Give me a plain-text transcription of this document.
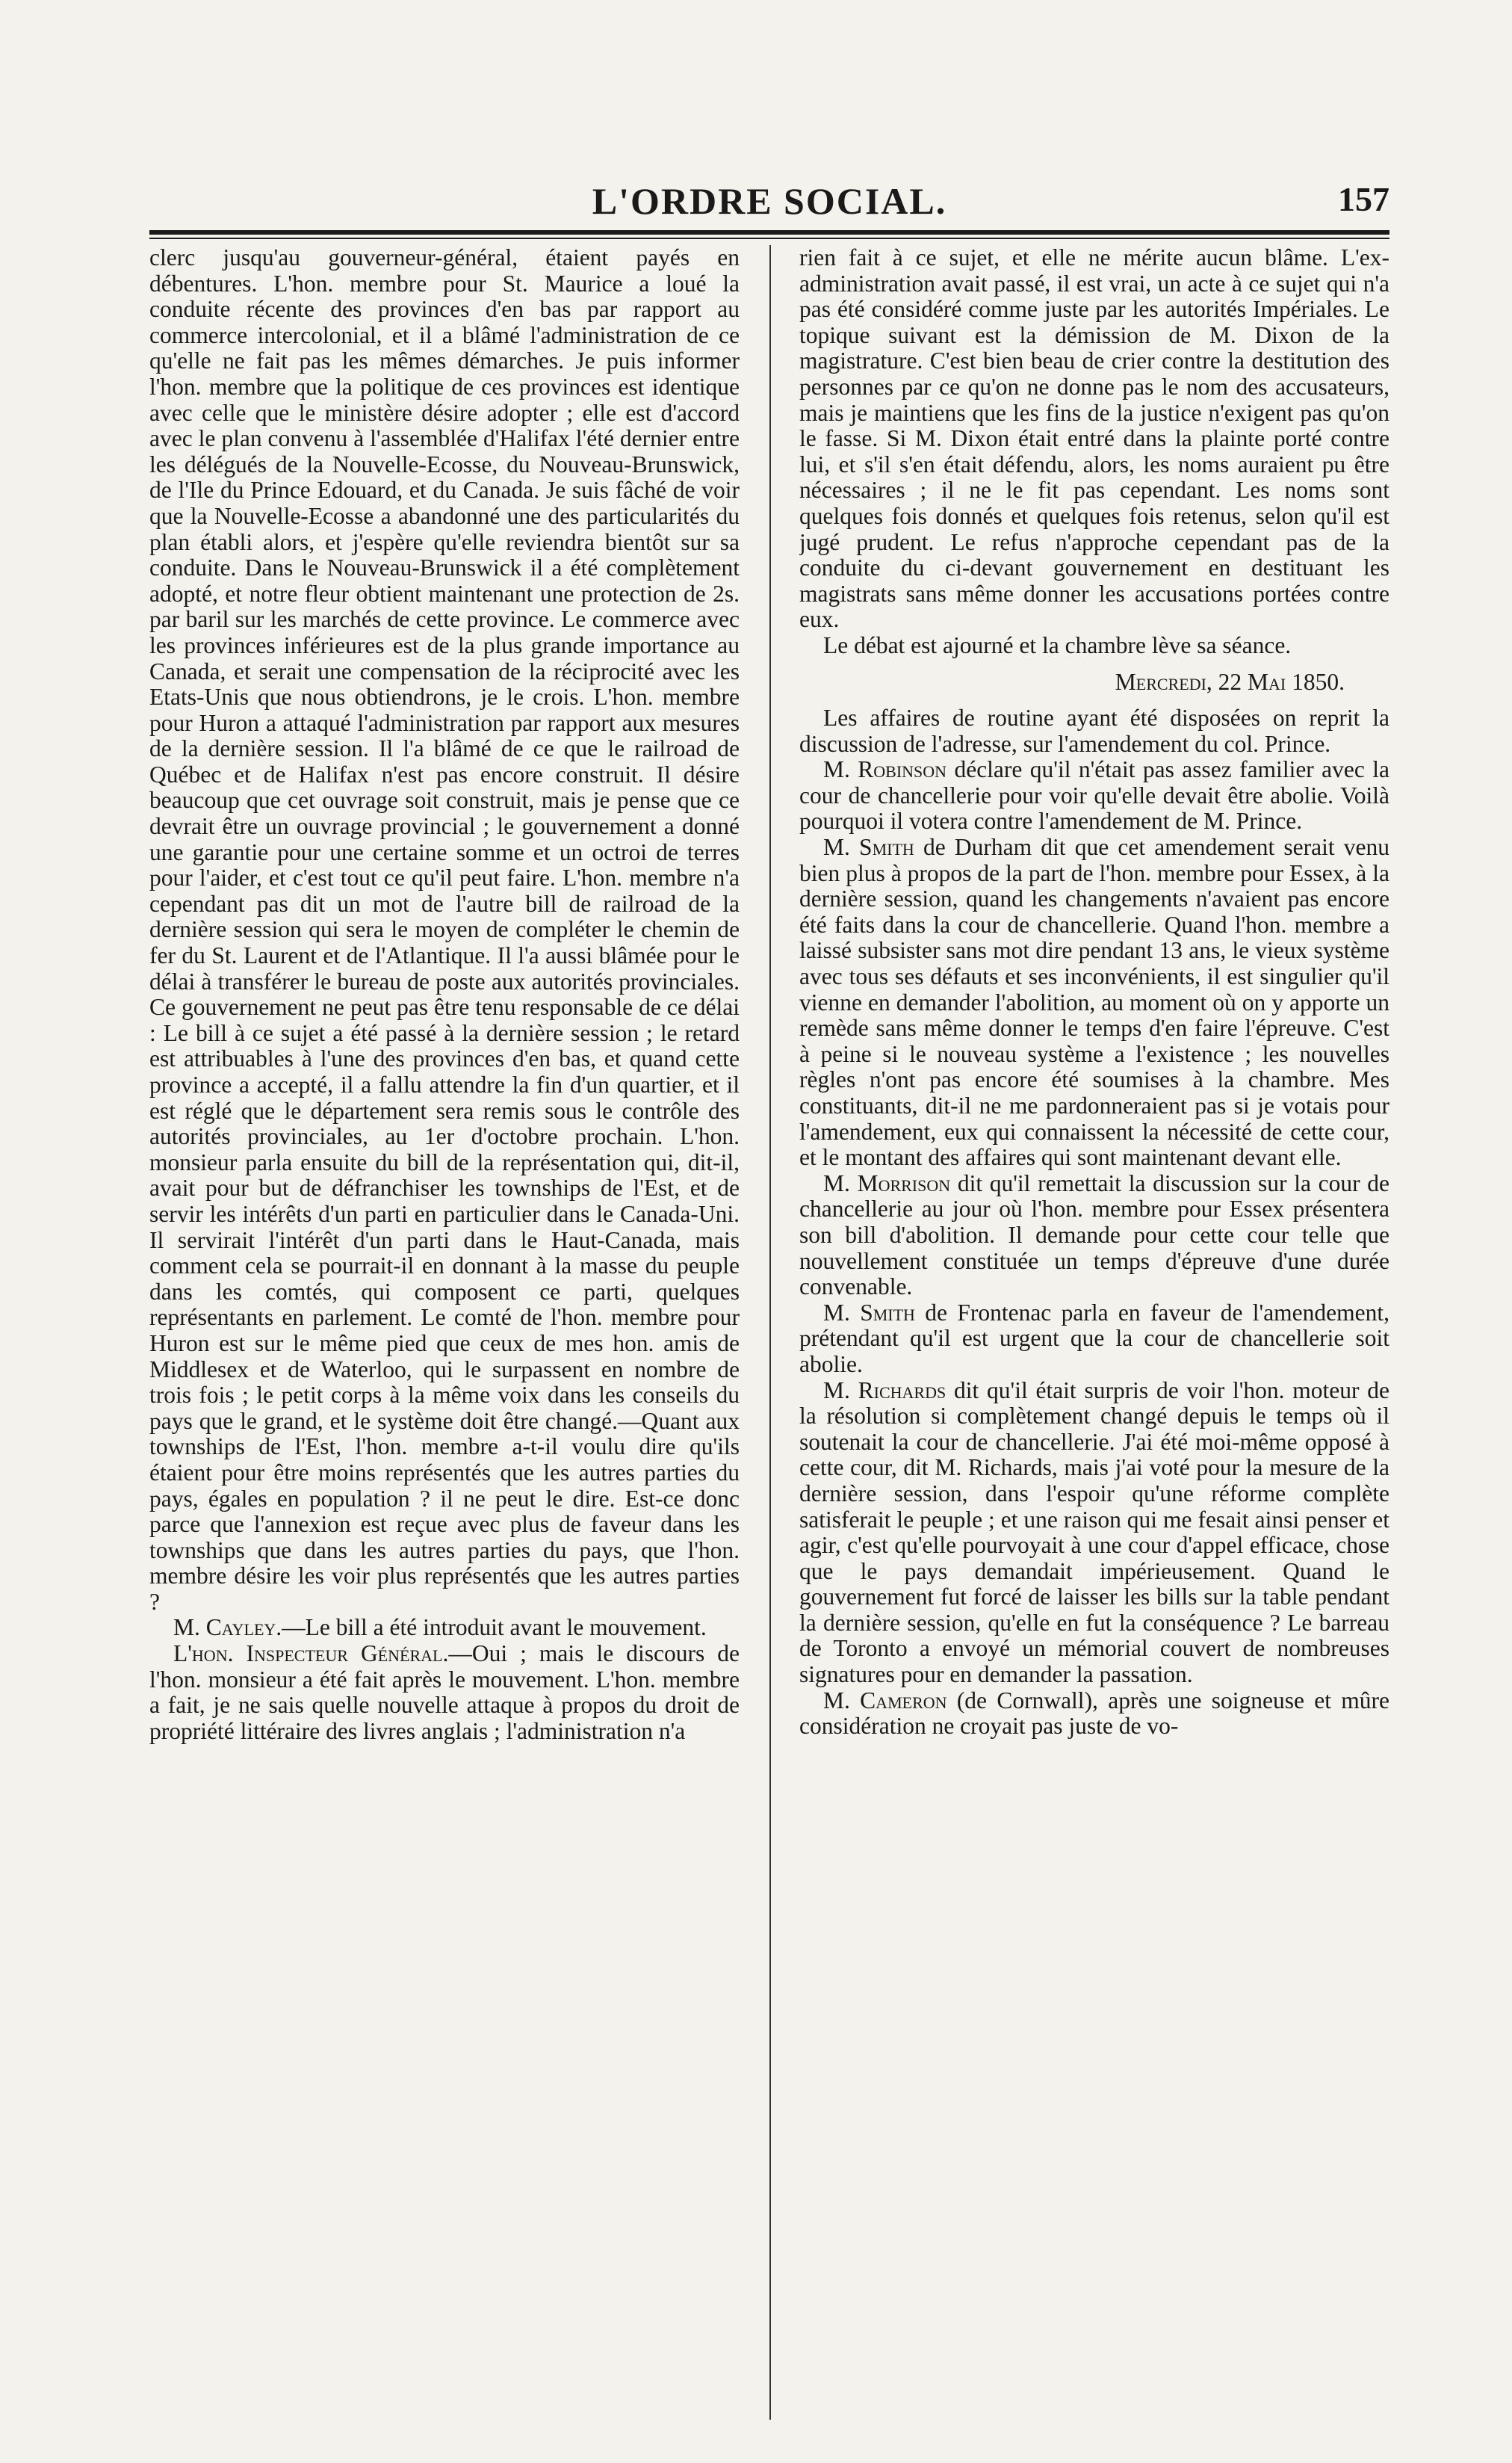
L'ORDRE SOCIAL.	157

clerc jusqu'au gouverneur-général, étaient payés en débentures. L'hon. membre pour St. Maurice a loué la conduite récente des provinces d'en bas par rapport au commerce intercolonial, et il a blâmé l'administration de ce qu'elle ne fait pas les mêmes démarches. Je puis informer l'hon. membre que la politique de ces provinces est identique avec celle que le ministère désire adopter ; elle est d'accord avec le plan convenu à l'assemblée d'Halifax l'été dernier entre les délégués de la Nouvelle-Ecosse, du Nouveau-Brunswick, de l'Ile du Prince Edouard, et du Canada. Je suis fâché de voir que la Nouvelle-Ecosse a abandonné une des particularités du plan établi alors, et j'espère qu'elle reviendra bientôt sur sa conduite. Dans le Nouveau-Brunswick il a été complètement adopté, et notre fleur obtient maintenant une protection de 2s. par baril sur les marchés de cette province. Le commerce avec les provinces inférieures est de la plus grande importance au Canada, et serait une compensation de la réciprocité avec les Etats-Unis que nous obtiendrons, je le crois. L'hon. membre pour Huron a attaqué l'administration par rapport aux mesures de la dernière session. Il l'a blâmé de ce que le railroad de Québec et de Halifax n'est pas encore construit. Il désire beaucoup que cet ouvrage soit construit, mais je pense que ce devrait être un ouvrage provincial ; le gouvernement a donné une garantie pour une certaine somme et un octroi de terres pour l'aider, et c'est tout ce qu'il peut faire. L'hon. membre n'a cependant pas dit un mot de l'autre bill de railroad de la dernière session qui sera le moyen de compléter le chemin de fer du St. Laurent et de l'Atlantique. Il l'a aussi blâmée pour le délai à transférer le bureau de poste aux autorités provinciales. Ce gouvernement ne peut pas être tenu responsable de ce délai : Le bill à ce sujet a été passé à la dernière session ; le retard est attribuables à l'une des provinces d'en bas, et quand cette province a accepté, il a fallu attendre la fin d'un quartier, et il est réglé que le département sera remis sous le contrôle des autorités provinciales, au 1er d'octobre prochain. L'hon. monsieur parla ensuite du bill de la représentation qui, dit-il, avait pour but de défranchiser les townships de l'Est, et de servir les intérêts d'un parti en particulier dans le Canada-Uni. Il servirait l'intérêt d'un parti dans le Haut-Canada, mais comment cela se pourrait-il en donnant à la masse du peuple dans les comtés, qui composent ce parti, quelques représentants en parlement. Le comté de l'hon. membre pour Huron est sur le même pied que ceux de mes hon. amis de Middlesex et de Waterloo, qui le surpassent en nombre de trois fois ; le petit corps à la même voix dans les conseils du pays que le grand, et le système doit être changé.—Quant aux townships de l'Est, l'hon. membre a-t-il voulu dire qu'ils étaient pour être moins représentés que les autres parties du pays, égales en population ? il ne peut le dire. Est-ce donc parce que l'annexion est reçue avec plus de faveur dans les townships que dans les autres parties du pays, que l'hon. membre désire les voir plus représentés que les autres parties ?

M. Cayley.—Le bill a été introduit avant le mouvement.

L'hon. Inspecteur Général.—Oui ; mais le discours de l'hon. monsieur a été fait après le mouvement. L'hon. membre a fait, je ne sais quelle nouvelle attaque à propos du droit de propriété littéraire des livres anglais ; l'administration n'a

rien fait à ce sujet, et elle ne mérite aucun blâme. L'ex-administration avait passé, il est vrai, un acte à ce sujet qui n'a pas été considéré comme juste par les autorités Impériales. Le topique suivant est la démission de M. Dixon de la magistrature. C'est bien beau de crier contre la destitution des personnes par ce qu'on ne donne pas le nom des accusateurs, mais je maintiens que les fins de la justice n'exigent pas qu'on le fasse. Si M. Dixon était entré dans la plainte porté contre lui, et s'il s'en était défendu, alors, les noms auraient pu être nécessaires ; il ne le fit pas cependant. Les noms sont quelques fois donnés et quelques fois retenus, selon qu'il est jugé prudent. Le refus n'approche cependant pas de la conduite du ci-devant gouvernement en destituant les magistrats sans même donner les accusations portées contre eux.

Le débat est ajourné et la chambre lève sa séance.

Mercredi, 22 Mai 1850.

Les affaires de routine ayant été disposées on reprit la discussion de l'adresse, sur l'amendement du col. Prince.

M. Robinson déclare qu'il n'était pas assez familier avec la cour de chancellerie pour voir qu'elle devait être abolie. Voilà pourquoi il votera contre l'amendement de M. Prince.

M. Smith de Durham dit que cet amendement serait venu bien plus à propos de la part de l'hon. membre pour Essex, à la dernière session, quand les changements n'avaient pas encore été faits dans la cour de chancellerie. Quand l'hon. membre a laissé subsister sans mot dire pendant 13 ans, le vieux système avec tous ses défauts et ses inconvénients, il est singulier qu'il vienne en demander l'abolition, au moment où on y apporte un remède sans même donner le temps d'en faire l'épreuve. C'est à peine si le nouveau système a l'existence ; les nouvelles règles n'ont pas encore été soumises à la chambre. Mes constituants, dit-il ne me pardonneraient pas si je votais pour l'amendement, eux qui connaissent la nécessité de cette cour, et le montant des affaires qui sont maintenant devant elle.

M. Morrison dit qu'il remettait la discussion sur la cour de chancellerie au jour où l'hon. membre pour Essex présentera son bill d'abolition. Il demande pour cette cour telle que nouvellement constituée un temps d'épreuve d'une durée convenable.

M. Smith de Frontenac parla en faveur de l'amendement, prétendant qu'il est urgent que la cour de chancellerie soit abolie.

M. Richards dit qu'il était surpris de voir l'hon. moteur de la résolution si complètement changé depuis le temps où il soutenait la cour de chancellerie. J'ai été moi-même opposé à cette cour, dit M. Richards, mais j'ai voté pour la mesure de la dernière session, dans l'espoir qu'une réforme complète satisferait le peuple ; et une raison qui me fesait ainsi penser et agir, c'est qu'elle pourvoyait à une cour d'appel efficace, chose que le pays demandait impérieusement. Quand le gouvernement fut forcé de laisser les bills sur la table pendant la dernière session, qu'elle en fut la conséquence ? Le barreau de Toronto a envoyé un mémorial couvert de nombreuses signatures pour en demander la passation.

M. Cameron (de Cornwall), après une soigneuse et mûre considération ne croyait pas juste de vo-
